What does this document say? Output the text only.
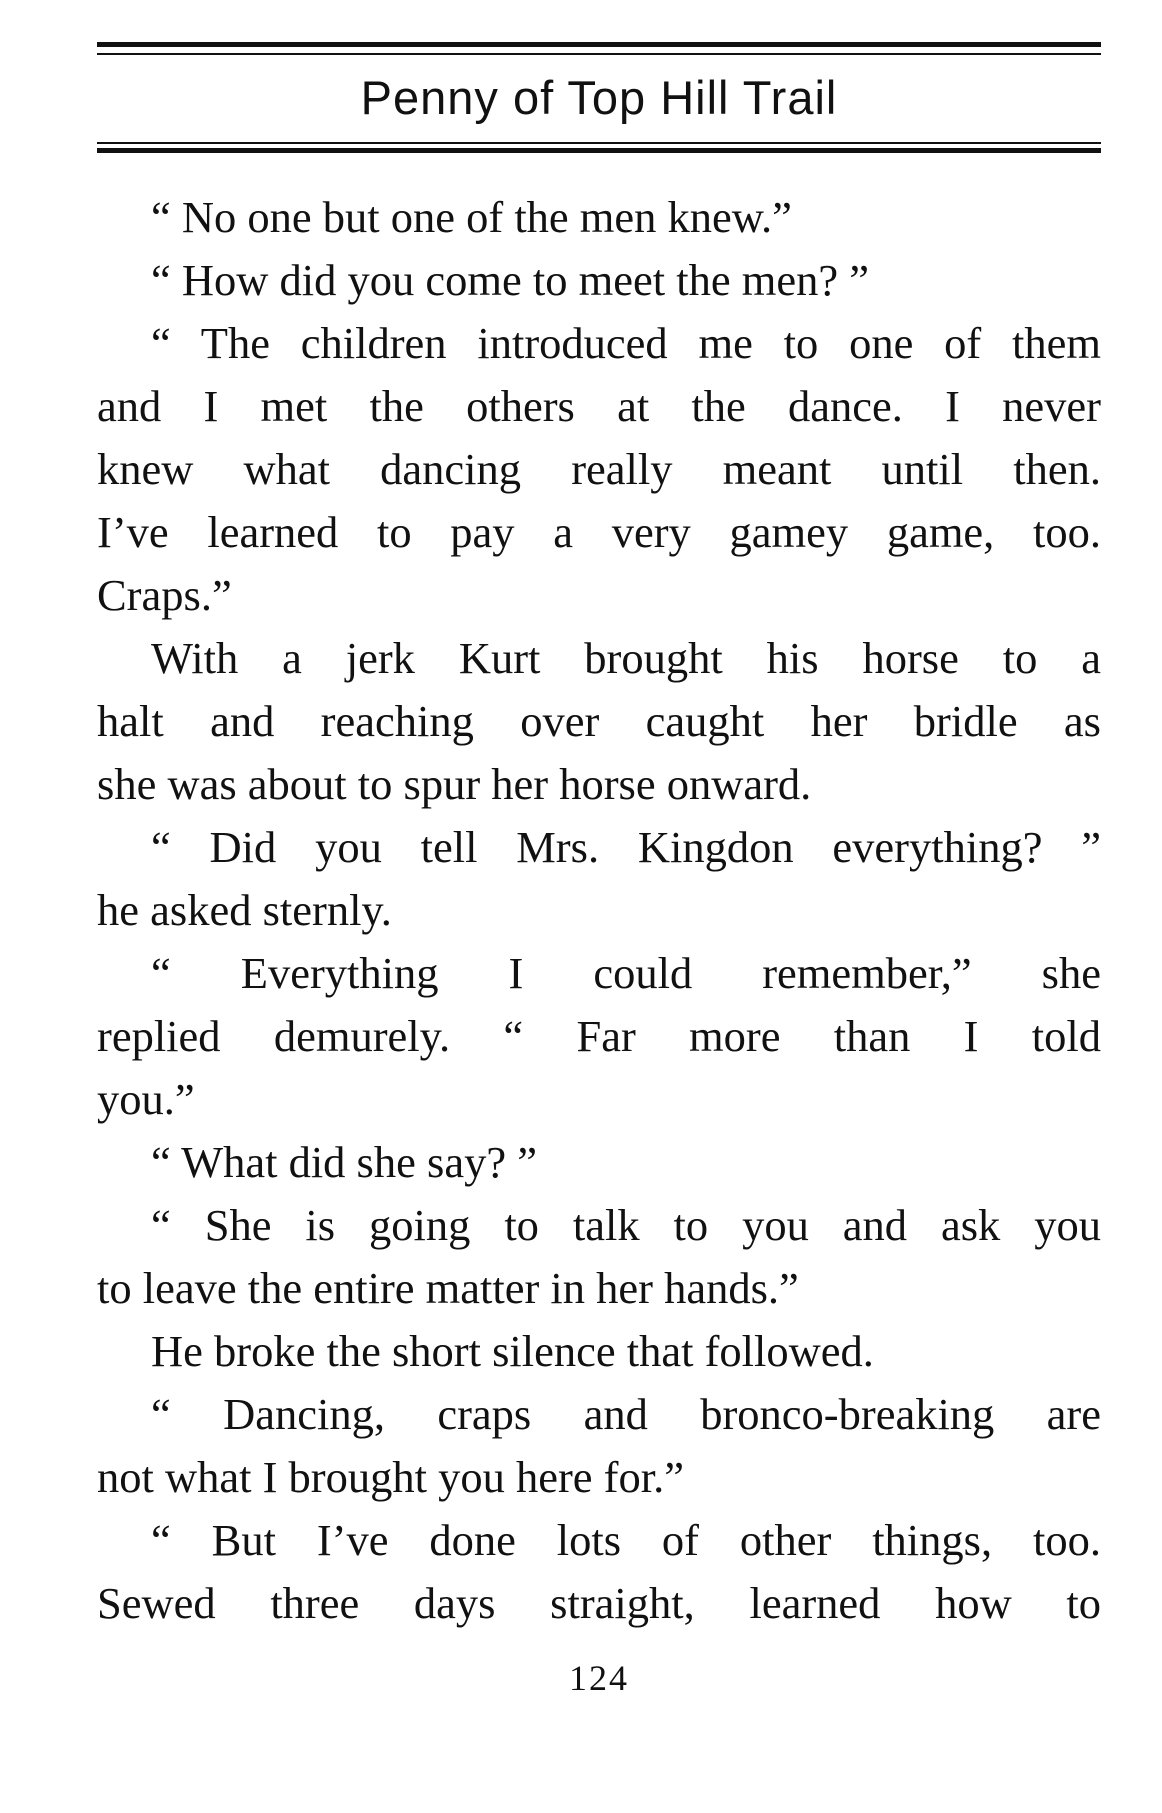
Penny of Top Hill Trail
“ No one but one of the men knew.”
“ How did you come to meet the men? ”
“ The children introduced me to one of them
and I met the others at the dance. I never
knew what dancing really meant until then.
I’ve learned to pay a very gamey game, too.
Craps.”
With a jerk Kurt brought his horse to a
halt and reaching over caught her bridle as
she was about to spur her horse onward.
“ Did you tell Mrs. Kingdon everything? ”
he asked sternly.
“ Everything I could remember,” she
replied demurely. “ Far more than I told
you.”
“ What did she say? ”
“ She is going to talk to you and ask you
to leave the entire matter in her hands.”
He broke the short silence that followed.
“ Dancing, craps and bronco-breaking are
not what I brought you here for.”
“ But I’ve done lots of other things, too.
Sewed three days straight, learned how to
124
